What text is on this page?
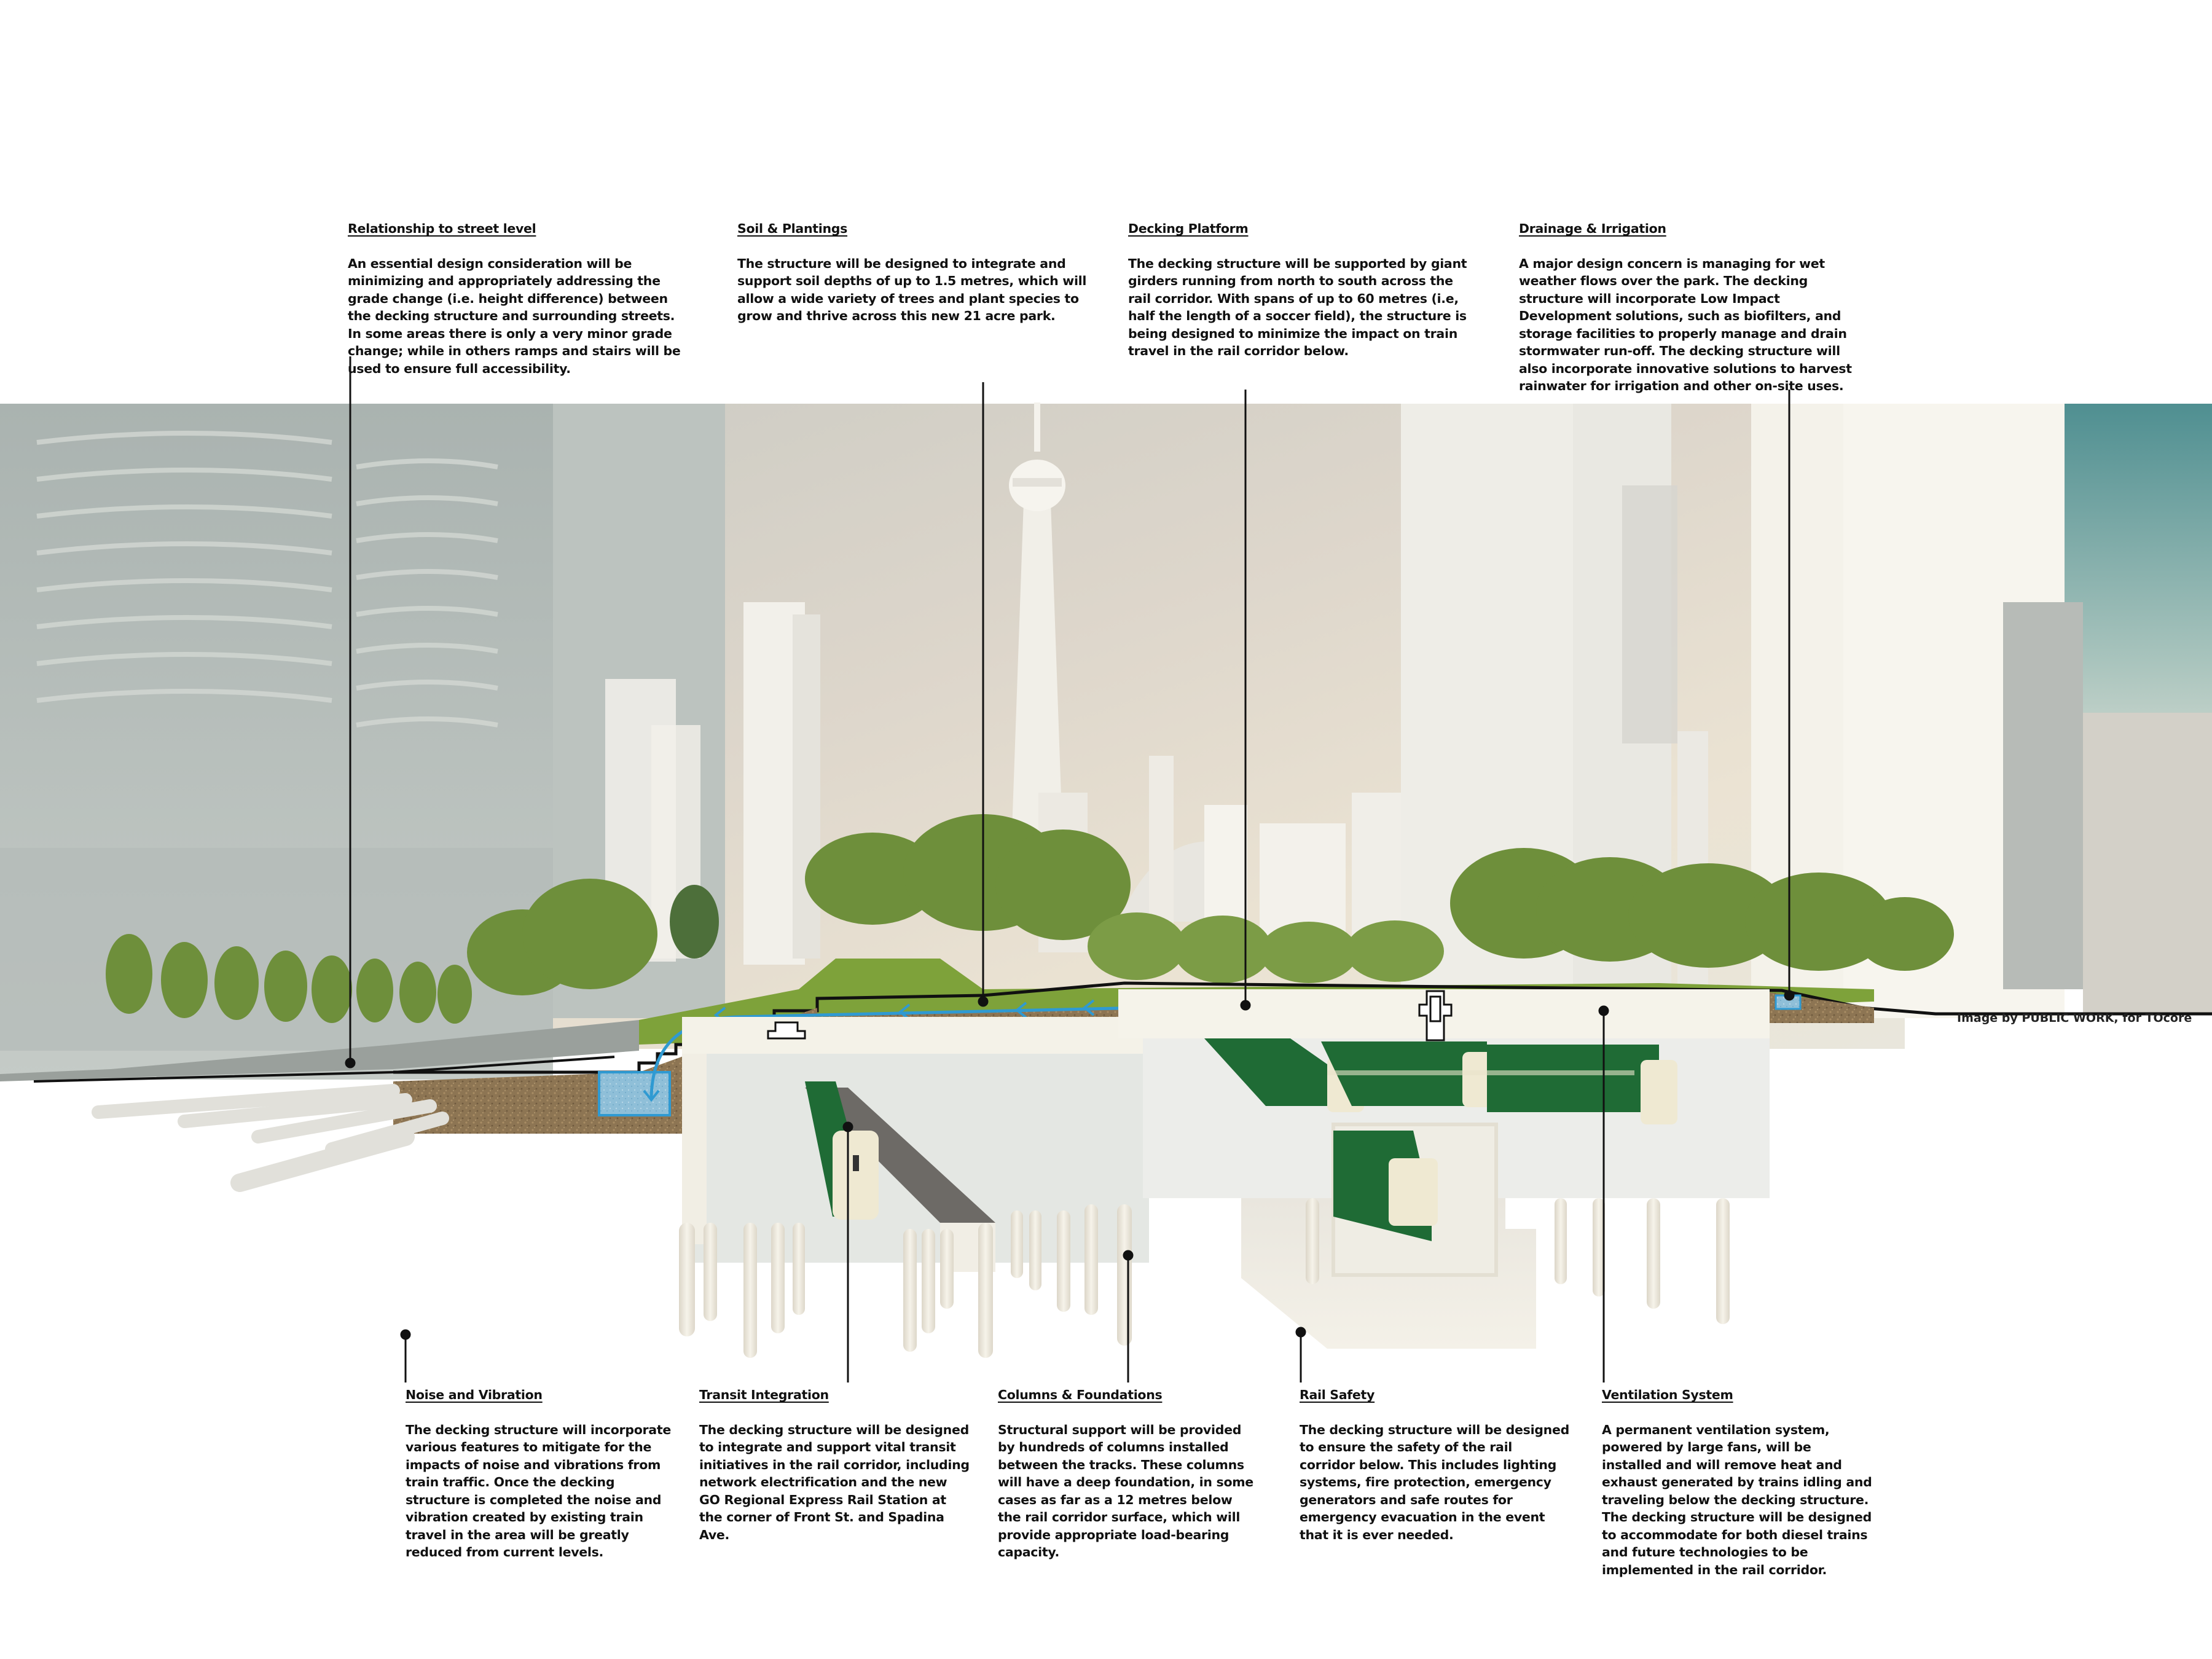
Relationship to street level

An essential design consideration will be minimizing and appropriately addressing the grade change (i.e. height difference) between the decking structure and surrounding streets. In some areas there is only a very minor grade change; while in others ramps and stairs will be used to ensure full accessibility.

Soil & Plantings

The structure will be designed to integrate and support soil depths of up to 1.5 metres, which will allow a wide variety of trees and plant species to grow and thrive across this new 21 acre park.

Decking Platform

The decking structure will be supported by giant girders running from north to south across the rail corridor. With spans of up to 60 metres (i.e, half the length of a soccer field), the structure is being designed to minimize the impact on train travel in the rail corridor below.

Drainage & Irrigation

A major design concern is managing for wet weather flows over the park. The decking structure will incorporate Low Impact Development solutions, such as biofilters, and storage facilities to properly manage and drain stormwater run-off. The decking structure will also incorporate innovative solutions to harvest rainwater for irrigation and other on-site uses.

Noise and Vibration

The decking structure will incorporate various features to mitigate for the impacts of noise and vibrations from train traffic. Once the decking structure is completed the noise and vibration created by existing train travel in the area will be greatly reduced from current levels.

Transit Integration

The decking structure will be designed to integrate and support vital transit initiatives in the rail corridor, including network electrification and the new GO Regional Express Rail Station at the corner of Front St. and Spadina Ave.

Columns & Foundations

Structural support will be provided by hundreds of columns installed between the tracks. These columns will have a deep foundation, in some cases as far as a 12 metres below the rail corridor surface, which will provide appropriate load-bearing capacity.

Rail Safety

The decking structure will be designed to ensure the safety of the rail corridor below. This includes lighting systems, fire protection, emergency generators and safe routes for emergency evacuation in the event that it is ever needed.

Ventilation System

A permanent ventilation system, powered by large fans, will be installed and will remove heat and exhaust generated by trains idling and traveling below the decking structure. The decking structure will be designed to accommodate for both diesel trains and future technologies to be implemented in the rail corridor.

Image by PUBLIC WORK, for TOcore
